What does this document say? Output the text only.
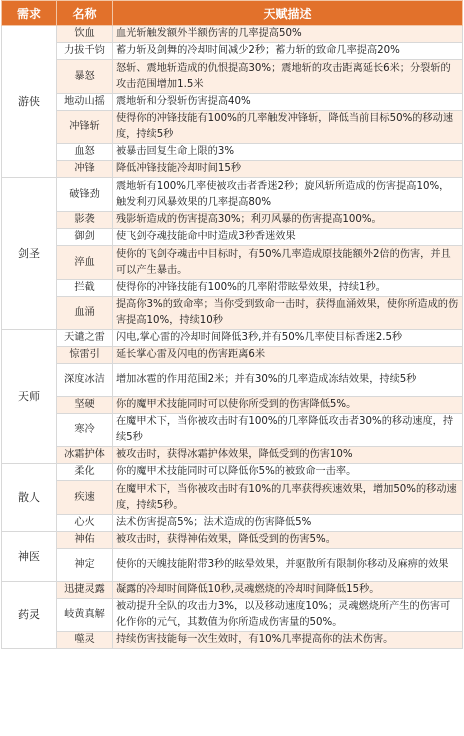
需求	名称	天赋描述
游侠	饮血	血光斩触发额外半额伤害的几率提高50%
	力拔千钧	蓄力斩及剑舞的冷却时间减少2秒；蓄力斩的致命几率提高20%
	暴怒	怒斩、震地斩造成的仇恨提高30%；震地斩的攻击距离延长6米；分裂斩的攻击范围增加1.5米
	地动山摇	震地斩和分裂斩伤害提高40%
	冲锋斩	使得你的冲锋技能有100%的几率触发冲锋斩，降低当前目标50%的移动速度，持续5秒
	血怒	被暴击回复生命上限的3%
	冲锋	降低冲锋技能冷却时间15秒
剑圣	破锋劲	震地斩有100%几率使被攻击者香迷2秒；旋风斩所造成的伤害提高10%，触发利刃风暴效果的几率提高80%
	影袭	残影斩造成的伤害提高30%；利刃风暴的伤害提高100%。
	御剑	使飞剑夺魂技能命中时造成3秒香迷效果
	淬血	使你的飞剑夺魂击中目标时，有50%几率造成原技能额外2倍的伤害，并且可以产生暴击。
	拦截	使得你的冲锋技能有100%的几率附带眩晕效果，持续1秒。
	血涌	提高你3%的致命率；当你受到致命一击时，获得血涌效果，使你所造成的伤害提高10%，持续10秒
天师	天谴之雷	闪电,掌心雷的冷却时间降低3秒,并有50%几率使目标香迷2.5秒
	惊雷引	延长掌心雷及闪电的伤害距离6米
	深度冰洁	增加冰雹的作用范围2米；并有30%的几率造成冻结效果，持续5秒
	坚硬	你的魔甲术技能同时可以使你所受到的伤害降低5%。
	寒冷	在魔甲术下，当你被攻击时有100%的几率降低攻击者30%的移动速度，持续5秒
	冰霜护体	被攻击时，获得冰霜护体效果，降低受到的伤害10%
散人	柔化	你的魔甲术技能同时可以降低你5%的被致命一击率。
	疾速	在魔甲术下，当你被攻击时有10%的几率获得疾速效果，增加50%的移动速度，持续5秒。
	心火	法术伤害提高5%；法术造成的伤害降低5%
神医	神佑	被攻击时，获得神佑效果，降低受到的伤害5%。
	神定	使你的天魄技能附带3秒的眩晕效果，并驱散所有限制你移动及麻痹的效果
药灵	迅捷灵露	凝露的冷却时间降低10秒,灵魂燃烧的冷却时间降低15秒。
	岐黄真解	被动提升全队的攻击力3%，以及移动速度10%；灵魂燃烧所产生的伤害可化作你的元气，其数值为你所造成伤害量的50%。
	噬灵	持续伤害技能每一次生效时，有10%几率提高你的法术伤害。
